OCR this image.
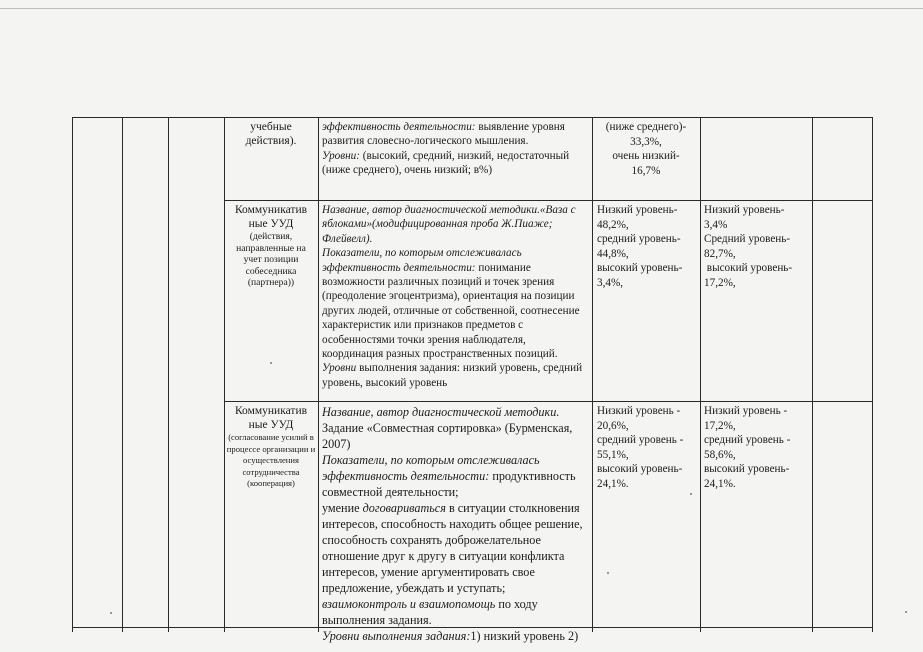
учебные
действия).
эффективность деятельности: выявление уровня развития словесно-логического мышления.
Уровни: (высокий, средний, низкий, недостаточный (ниже среднего), очень низкий; в%)
(ниже среднего)-
33,3%,
очень низкий-
16,7%
Коммуникатив ные УУД
(действия, направленные на учет позиции собеседника (партнера))
Название, автор диагностической методики.«Ваза с яблоками»(модифицированная проба Ж.Пиаже; Флейвелл).
Показатели, по которым отслеживалась эффективность деятельности: понимание возможности различных позиций и точек зрения (преодоление эгоцентризма), ориентация на позиции других людей, отличные от собственной, соотнесение характеристик или признаков предметов с особенностями точки зрения наблюдателя, координация разных пространственных позиций.
Уровни выполнения задания: низкий уровень, средний уровень, высокий уровень
Низкий уровень-
48,2%,
средний уровень-
44,8%,
высокий уровень-
3,4%,
Низкий уровень-
3,4%
Средний уровень-
82,7%,
высокий уровень-
17,2%,
Коммуникатив ные УУД
(согласование усилий в процессе организации и осуществления сотрудничества (кооперация)
Название, автор диагностической методики. Задание «Совместная сортировка» (Бурменская, 2007)
Показатели, по которым отслеживалась эффективность деятельности: продуктивность совместной деятельности;
умение договариваться в ситуации столкновения интересов, способность находить общее решение, способность сохранять доброжелательное отношение друг к другу в ситуации конфликта интересов, умение аргументировать свое предложение, убеждать и уступать; взаимоконтроль и взаимопомощь по ходу выполнения задания.
Уровни выполнения задания:1) низкий уровень 2)
Низкий уровень -
20,6%,
средний уровень -
55,1%,
высокий уровень-
24,1%.
Низкий уровень -
17,2%,
средний уровень -
58,6%,
высокий уровень-
24,1%.
